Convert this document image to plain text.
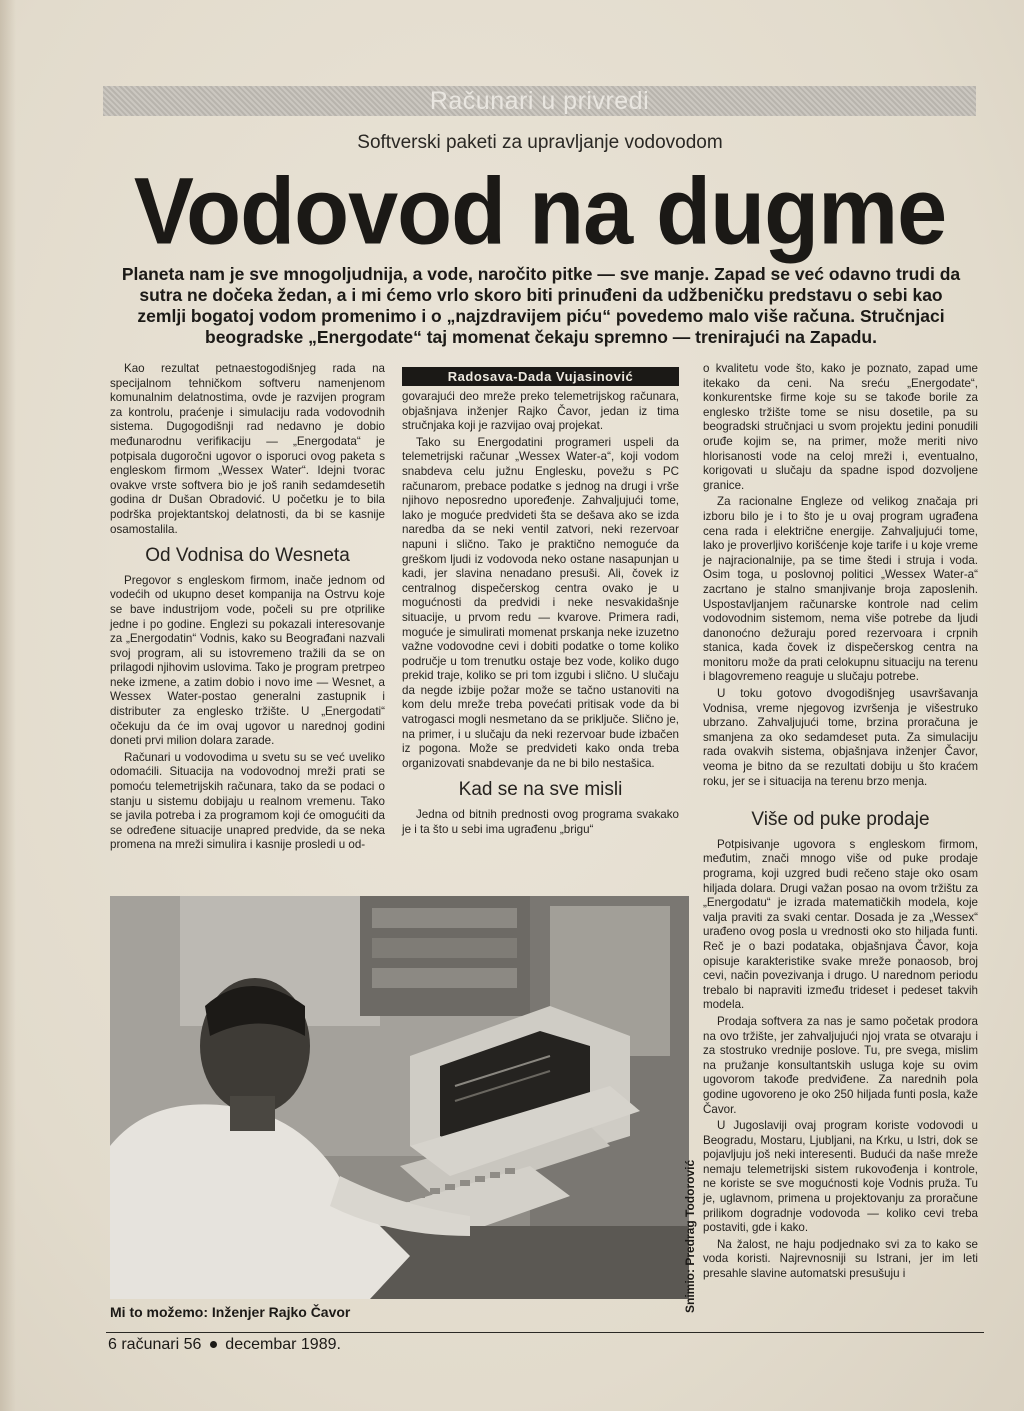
Računari u privredi
Softverski paketi za upravljanje vodovodom
Vodovod na dugme
Planeta nam je sve mnogoljudnija, a vode, naročito pitke — sve manje. Zapad se već odavno trudi da sutra ne dočeka žedan, a i mi ćemo vrlo skoro biti prinuđeni da udžbeničku predstavu o sebi kao zemlji bogatoj vodom promenimo i o „najzdravijem piću“ povedemo malo više računa. Stručnjaci beogradske „Energodate“ taj momenat čekaju spremno — trenirajući na Zapadu.

Kao rezultat petnaestogodišnjeg rada na specijalnom tehničkom softveru namenjenom komunalnim delatnostima, ovde je razvijen program za kontrolu, praćenje i simulaciju rada vodovodnih sistema. Dugogodišnji rad nedavno je dobio međunarodnu verifikaciju — „Energodata“ je potpisala dugoročni ugovor o isporuci ovog paketa s engleskom firmom „Wessex Water“. Idejni tvorac ovakve vrste softvera bio je još ranih sedamdesetih godina dr Dušan Obradović. U početku je to bila podrška projektantskoj delatnosti, da bi se kasnije osamostalila.

Od Vodnisa do Wesneta

Pregovor s engleskom firmom, inače jednom od vodećih od ukupno deset kompanija na Ostrvu koje se bave industrijom vode, počeli su pre otprilike jedne i po godine. Englezi su pokazali interesovanje za „Energodatin“ Vodnis, kako su Beograđani nazvali svoj program, ali su istovremeno tražili da se on prilagodi njihovim uslovima. Tako je program pretrpeo neke izmene, a zatim dobio i novo ime — Wesnet, a Wessex Water-postao generalni zastupnik i distributer za englesko tržište. U „Energodati“ očekuju da će im ovaj ugovor u narednoj godini doneti prvi milion dolara zarade.

Računari u vodovodima u svetu su se već uveliko odomaćili. Situacija na vodovodnoj mreži prati se pomoću telemetrijskih računara, tako da se podaci o stanju u sistemu dobijaju u realnom vremenu. Tako se javila potreba i za programom koji će omogućiti da se određene situacije unapred predvide, da se neka promena na mreži simulira i kasnije prosledi u od-

Radosava-Dada Vujasinović

govarajući deo mreže preko telemetrijskog računara, objašnjava inženjer Rajko Čavor, jedan iz tima stručnjaka koji je razvijao ovaj projekat.

Tako su Energodatini programeri uspeli da telemetrijski računar „Wessex Water-a“, koji vodom snabdeva celu južnu Englesku, povežu s PC računarom, prebace podatke s jednog na drugi i vrše njihovo neposredno upoređenje. Zahvaljujući tome, lako je moguće predvideti šta se dešava ako se izda naredba da se neki ventil zatvori, neki rezervoar napuni i slično. Tako je praktično nemoguće da greškom ljudi iz vodovoda neko ostane nasapunjan u kadi, jer slavina nenadano presuši. Ali, čovek iz centralnog dispečerskog centra ovako je u mogućnosti da predvidi i neke nesvakidašnje situacije, u prvom redu — kvarove. Primera radi, moguće je simulirati momenat prskanja neke izuzetno važne vodovodne cevi i dobiti podatke o tome koliko područje u tom trenutku ostaje bez vode, koliko dugo prekid traje, koliko se pri tom izgubi i slično. U slučaju da negde izbije požar može se tačno ustanoviti na kom delu mreže treba povećati pritisak vode da bi vatrogasci mogli nesmetano da se priključe. Slično je, na primer, i u slučaju da neki rezervoar bude izbačen iz pogona. Može se predvideti kako onda treba organizovati snabdevanje da ne bi bilo nestašica.

Kad se na sve misli

Jedna od bitnih prednosti ovog programa svakako je i ta što u sebi ima ugrađenu „brigu“

o kvalitetu vode što, kako je poznato, zapad ume itekako da ceni. Na sreću „Energodate“, konkurentske firme koje su se takođe borile za englesko tržište tome se nisu dosetile, pa su beogradski stručnjaci u svom projektu jedini ponudili oruđe kojim se, na primer, može meriti nivo hlorisanosti vode na celoj mreži i, eventualno, korigovati u slučaju da spadne ispod dozvoljene granice.

Za racionalne Engleze od velikog značaja pri izboru bilo je i to što je u ovaj program ugrađena cena rada i električne energije. Zahvaljujući tome, lako je proverljivo korišćenje koje tarife i u koje vreme je najracionalnije, pa se time štedi i struja i voda. Osim toga, u poslovnoj politici „Wessex Water-a“ zacrtano je stalno smanjivanje broja zaposlenih. Uspostavljanjem računarske kontrole nad celim vodovodnim sistemom, nema više potrebe da ljudi danonoćno dežuraju pored rezervoara i crpnih stanica, kada čovek iz dispečerskog centra na monitoru može da prati celokupnu situaciju na terenu i blagovremeno reaguje u slučaju potrebe.

U toku gotovo dvogodišnjeg usavršavanja Vodnisa, vreme njegovog izvršenja je višestruko ubrzano. Zahvaljujući tome, brzina proračuna je smanjena za oko sedamdeset puta. Za simulaciju rada ovakvih sistema, objašnjava inženjer Čavor, veoma je bitno da se rezultati dobiju u što kraćem roku, jer se i situacija na terenu brzo menja.

Više od puke prodaje

Potpisivanje ugovora s engleskom firmom, međutim, znači mnogo više od puke prodaje programa, koji uzgred budi rečeno staje oko osam hiljada dolara. Drugi važan posao na ovom tržištu za „Energodatu“ je izrada matematičkih modela, koje valja praviti za svaki centar. Dosada je za „Wessex“ urađeno ovog posla u vrednosti oko sto hiljada funti. Reč je o bazi podataka, objašnjava Čavor, koja opisuje karakteristike svake mreže ponaosob, broj cevi, način povezivanja i drugo. U narednom periodu trebalo bi napraviti između trideset i pedeset takvih modela.

Prodaja softvera za nas je samo početak prodora na ovo tržište, jer zahvaljujući njoj vrata se otvaraju i za stostruko vrednije poslove. Tu, pre svega, mislim na pružanje konsultantskih usluga koje su ovim ugovorom takođe predviđene. Za narednih pola godine ugovoreno je oko 250 hiljada funti posla, kaže Čavor.

U Jugoslaviji ovaj program koriste vodovodi u Beogradu, Mostaru, Ljubljani, na Krku, u Istri, dok se pojavljuju još neki interesenti. Budući da naše mreže nemaju telemetrijski sistem rukovođenja i kontrole, ne koriste se sve mogućnosti koje Vodnis pruža. Tu je, uglavnom, primena u projektovanju za proračune prilikom dogradnje vodovoda — koliko cevi treba postaviti, gde i kako.

Na žalost, ne haju podjednako svi za to kako se voda koristi. Najrevnosniji su Istrani, jer im leti presahle slavine automatski presušuju i

Mi to možemo: Inženjer Rajko Čavor	Snimio: Predrag Todorović
6 računari 56 decembar 1989.
